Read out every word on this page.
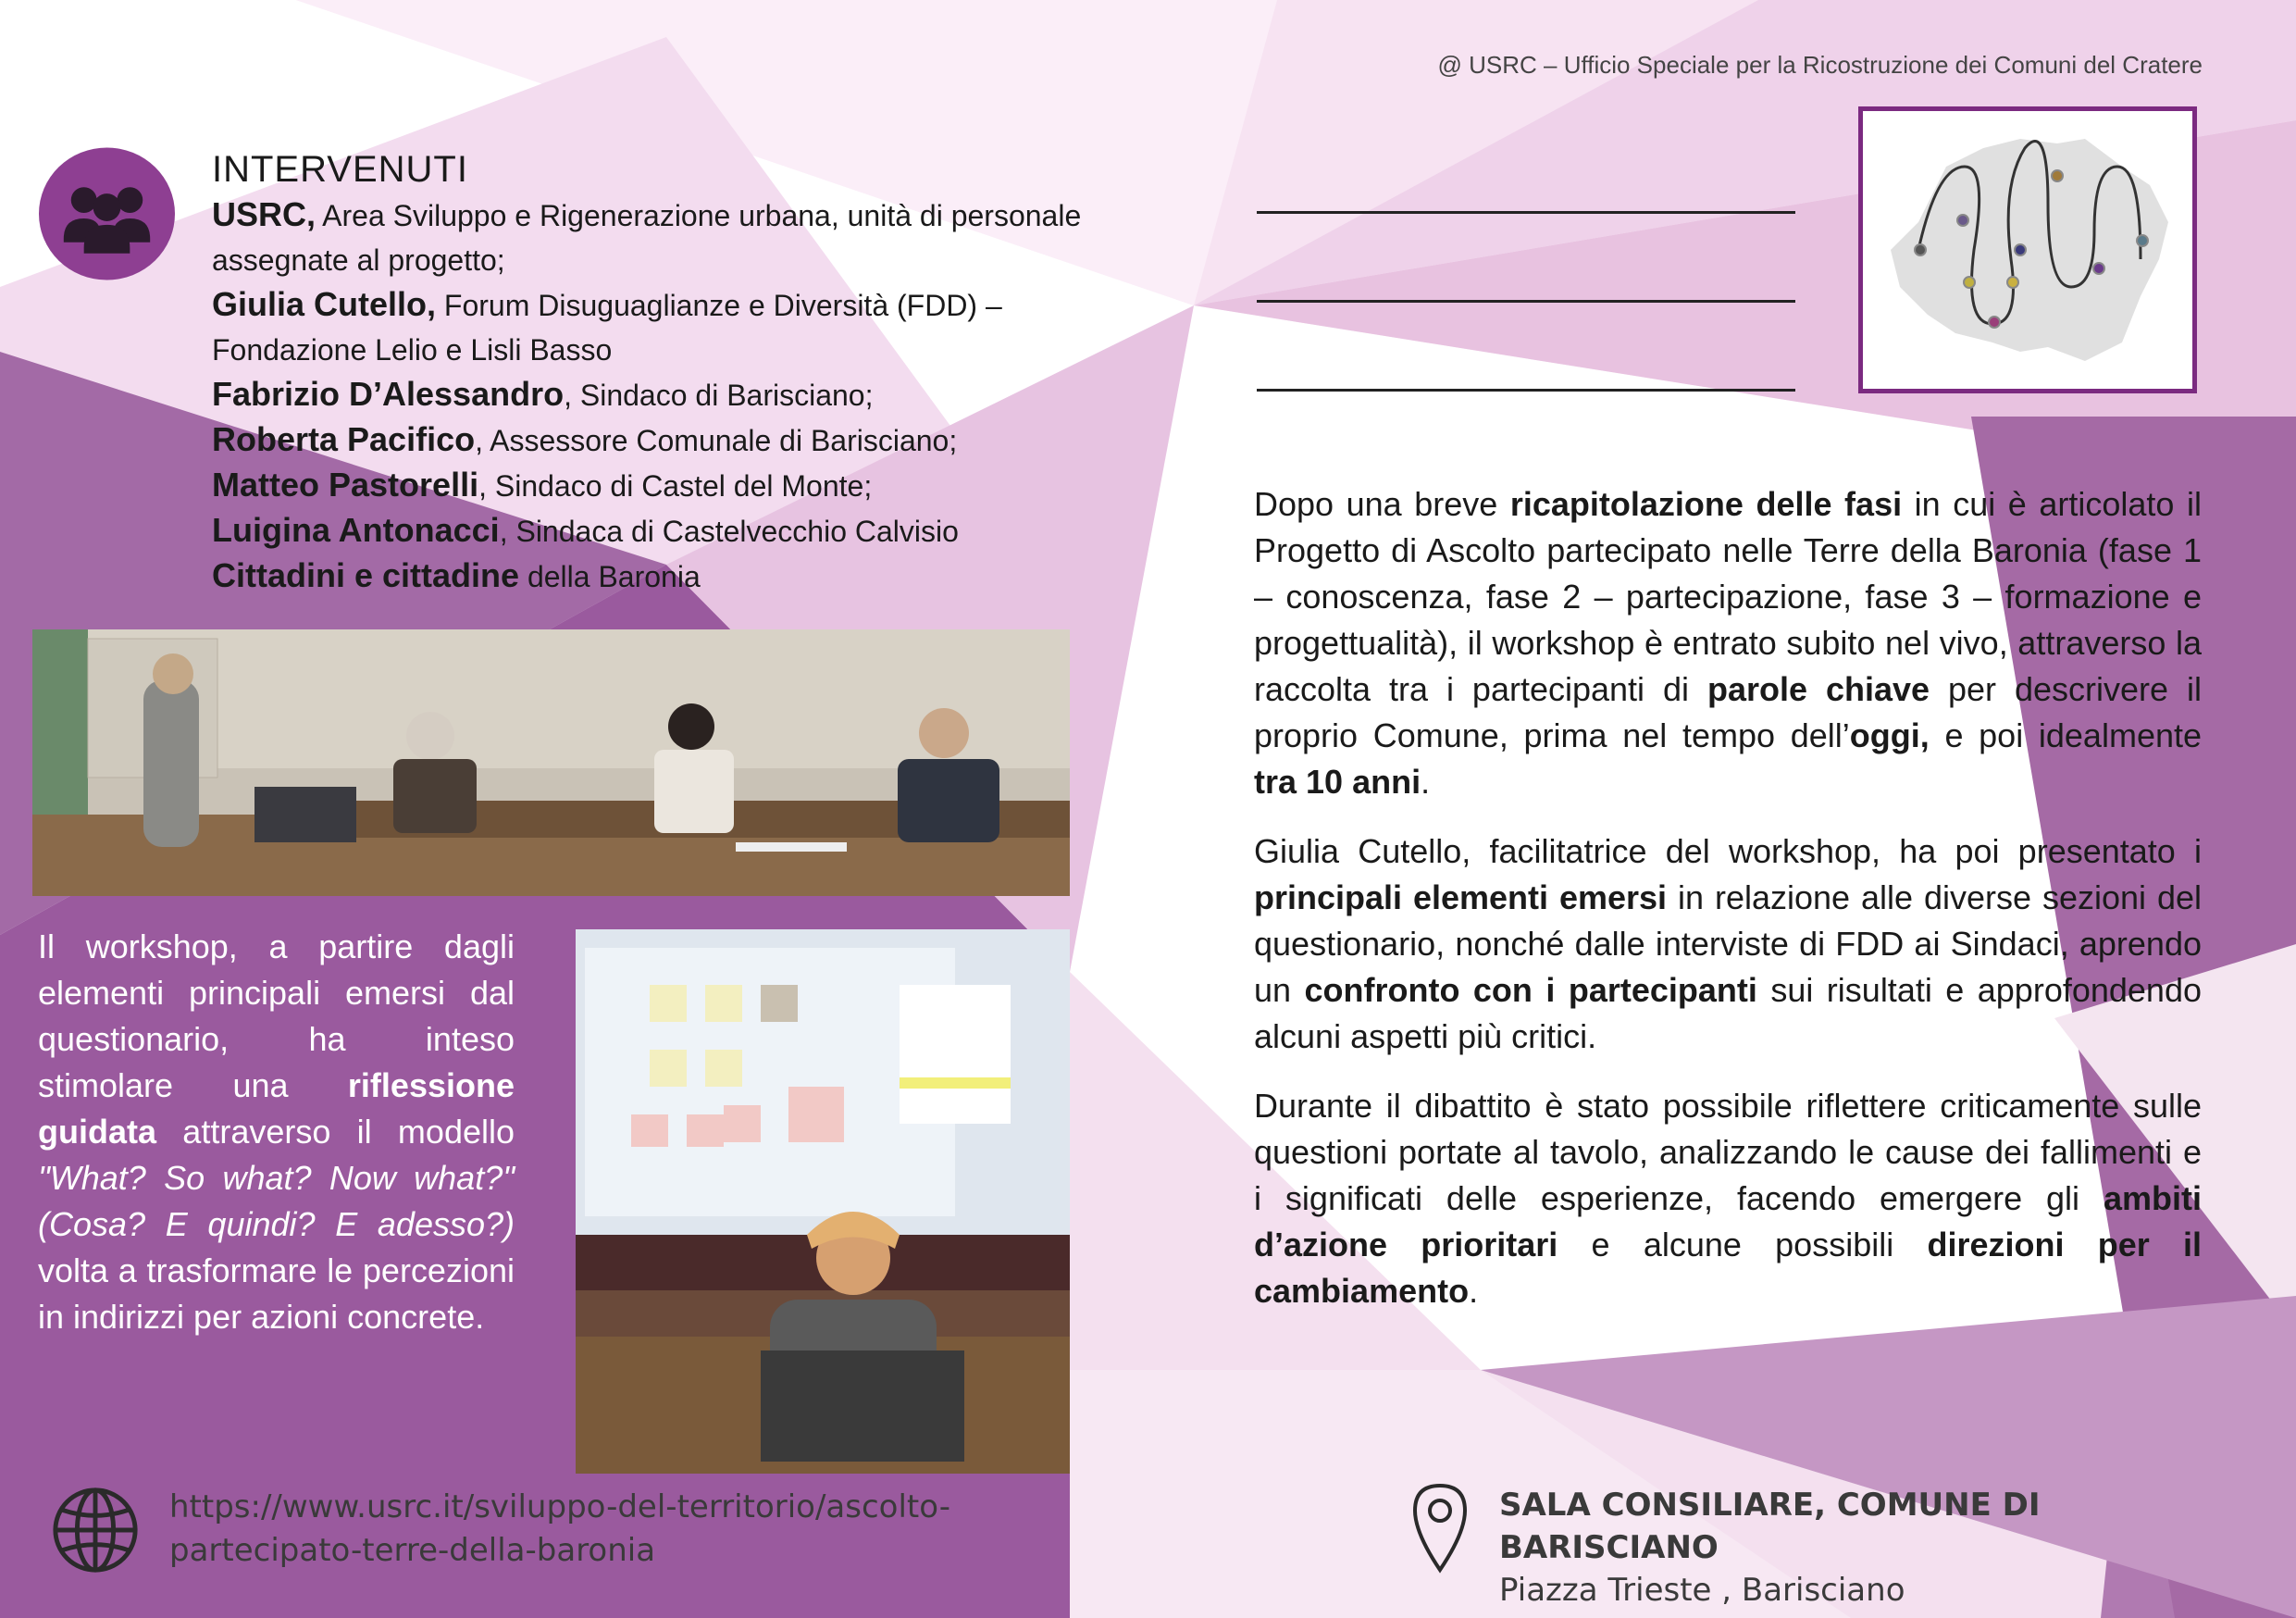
@ USRC – Ufficio Speciale per la Ricostruzione dei Comuni del Cratere
INTERVENUTI
USRC, Area Sviluppo e Rigenerazione urbana, unità di personale assegnate al progetto;
Giulia Cutello, Forum Disuguaglianze e Diversità (FDD) – Fondazione Lelio e Lisli Basso
Fabrizio D’Alessandro, Sindaco di Barisciano;
Roberta Pacifico, Assessore Comunale di Barisciano;
Matteo Pastorelli, Sindaco di Castel del Monte;
Luigina Antonacci, Sindaca di Castelvecchio Calvisio
Cittadini e cittadine della Baronia
Il workshop, a partire dagli elementi principali emersi dal questionario, ha inteso stimolare una riflessione guidata attraverso il modello "What? So what? Now what?" (Cosa? E quindi? E adesso?) volta a trasformare le percezioni in indirizzi per azioni concrete.

Dopo una breve ricapitolazione delle fasi in cui è articolato il Progetto di Ascolto partecipato nelle Terre della Baronia (fase 1 – conoscenza, fase 2 – partecipazione, fase 3 – formazione e progettualità), il workshop è entrato subito nel vivo, attraverso la raccolta tra i partecipanti di parole chiave per descrivere il proprio Comune, prima nel tempo dell’oggi, e poi idealmente tra 10 anni.

Giulia Cutello, facilitatrice del workshop, ha poi presentato i principali elementi emersi in relazione alle diverse sezioni del questionario, nonché dalle interviste di FDD ai Sindaci, aprendo un confronto con i partecipanti sui risultati e approfondendo alcuni aspetti più critici.

Durante il dibattito è stato possibile riflettere criticamente sulle questioni portate al tavolo, analizzando le cause dei fallimenti e i significati delle esperienze, facendo emergere gli ambiti d’azione prioritari e alcune possibili direzioni per il cambiamento.

https://www.usrc.it/sviluppo-del-territorio/ascolto-partecipato-terre-della-baronia
SALA CONSILIARE, COMUNE DI BARISCIANO
Piazza Trieste , Barisciano
